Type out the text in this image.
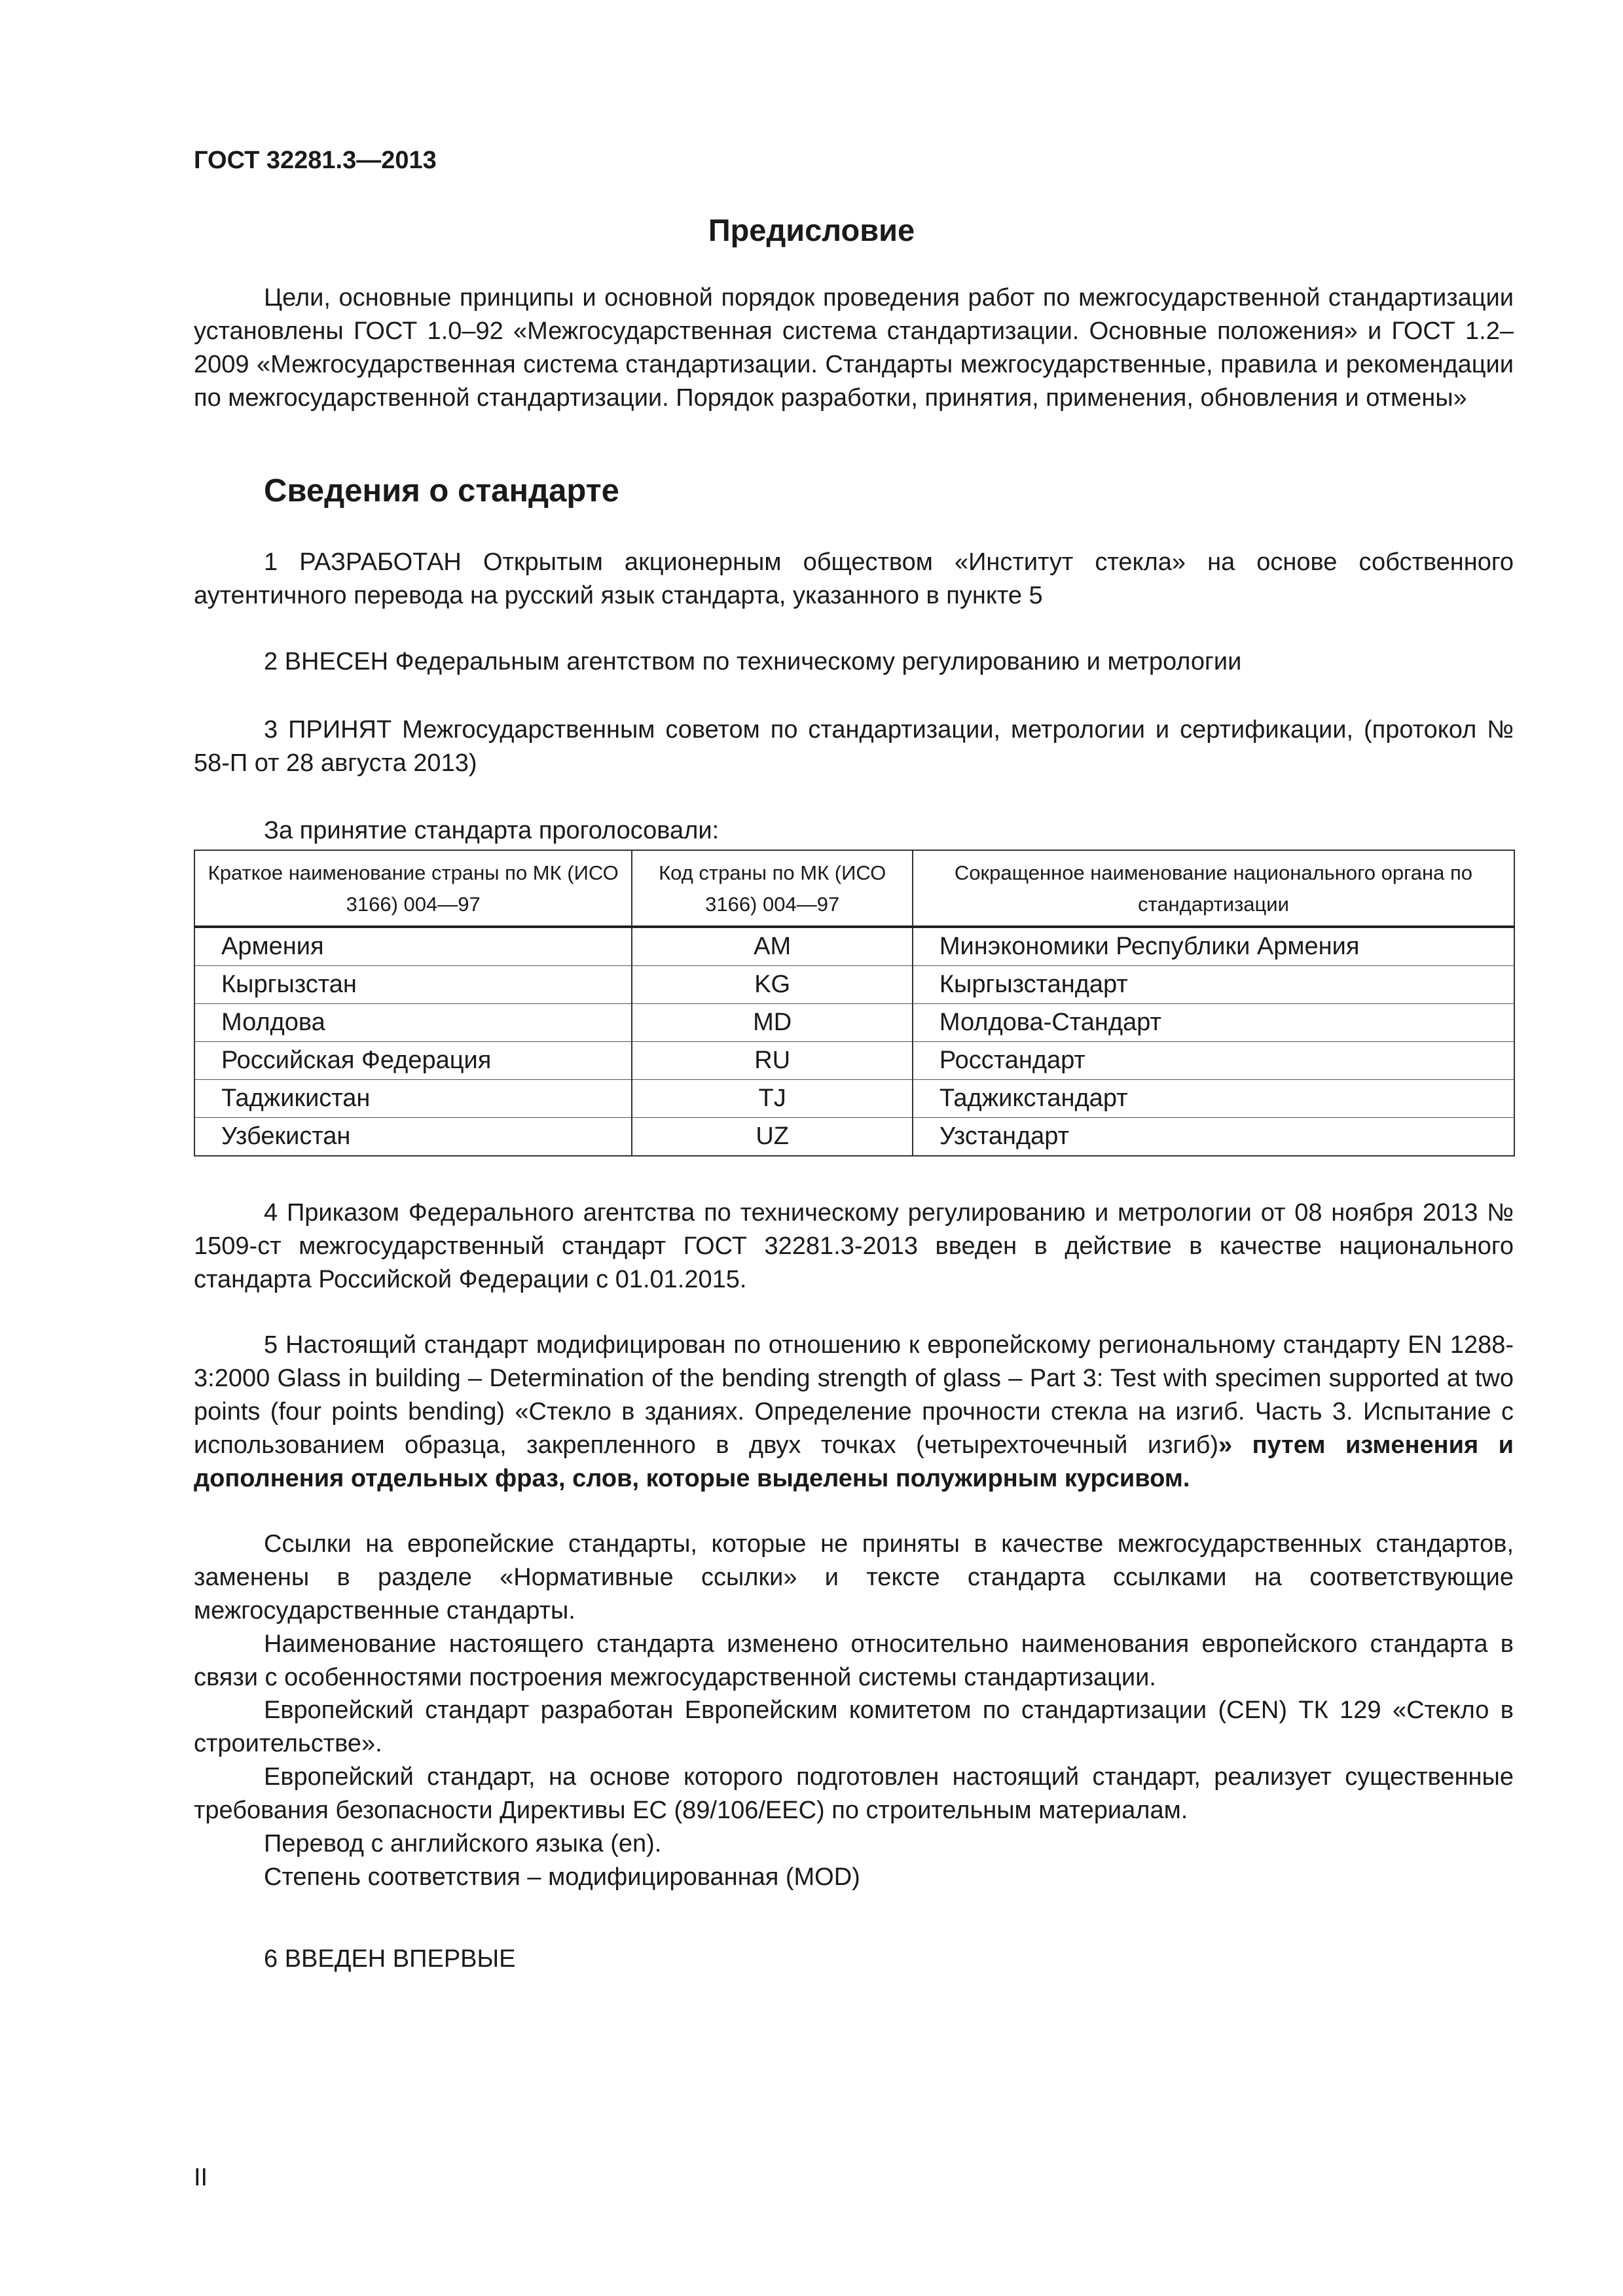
ГОСТ 32281.3—2013
Предисловие
Цели, основные принципы и основной порядок проведения работ по межгосударственной стандартизации установлены ГОСТ 1.0–92 «Межгосударственная система стандартизации. Основные положения» и ГОСТ 1.2–2009 «Межгосударственная система стандартизации. Стандарты межгосударственные, правила и рекомендации по межгосударственной стандартизации. Порядок разработки, принятия, применения, обновления и отмены»
Сведения о стандарте
1 РАЗРАБОТАН Открытым акционерным обществом «Институт стекла» на основе собственного аутентичного перевода на русский язык стандарта, указанного в пункте 5
2 ВНЕСЕН Федеральным агентством по техническому регулированию и метрологии
3 ПРИНЯТ Межгосударственным советом по стандартизации, метрологии и сертификации, (протокол № 58-П от 28 августа 2013)
За принятие стандарта проголосовали:
Краткое наименование страны по МК (ИСО 3166) 004—97	Код страны по МК (ИСО 3166) 004—97	Сокращенное наименование национального органа по стандартизации
Армения	AM	Минэкономики Республики Армения
Кыргызстан	KG	Кыргызстандарт
Молдова	MD	Молдова-Стандарт
Российская Федерация	RU	Росстандарт
Таджикистан	TJ	Таджикстандарт
Узбекистан	UZ	Узстандарт
4 Приказом Федерального агентства по техническому регулированию и метрологии от 08 ноября 2013 № 1509-ст межгосударственный стандарт ГОСТ 32281.3-2013 введен в действие в качестве национального стандарта Российской Федерации с 01.01.2015.
5 Настоящий стандарт модифицирован по отношению к европейскому региональному стандарту EN 1288-3:2000 Glass in building – Determination of the bending strength of glass – Part 3: Test with specimen supported at two points (four points bending) «Стекло в зданиях. Определение прочности стекла на изгиб. Часть 3. Испытание с использованием образца, закрепленного в двух точках (четырехточечный изгиб)» путем изменения и дополнения отдельных фраз, слов, которые выделены полужирным курсивом.
Ссылки на европейские стандарты, которые не приняты в качестве межгосударственных стандартов, заменены в разделе «Нормативные ссылки» и тексте стандарта ссылками на соответствующие межгосударственные стандарты.
Наименование настоящего стандарта изменено относительно наименования европейского стандарта в связи с особенностями построения межгосударственной системы стандартизации.
Европейский стандарт разработан Европейским комитетом по стандартизации (CEN) ТК 129 «Стекло в строительстве».
Европейский стандарт, на основе которого подготовлен настоящий стандарт, реализует существенные требования безопасности Директивы ЕС (89/106/EEC) по строительным материалам.
Перевод с английского языка (en).
Степень соответствия – модифицированная (MOD)
6 ВВЕДЕН ВПЕРВЫЕ
II
